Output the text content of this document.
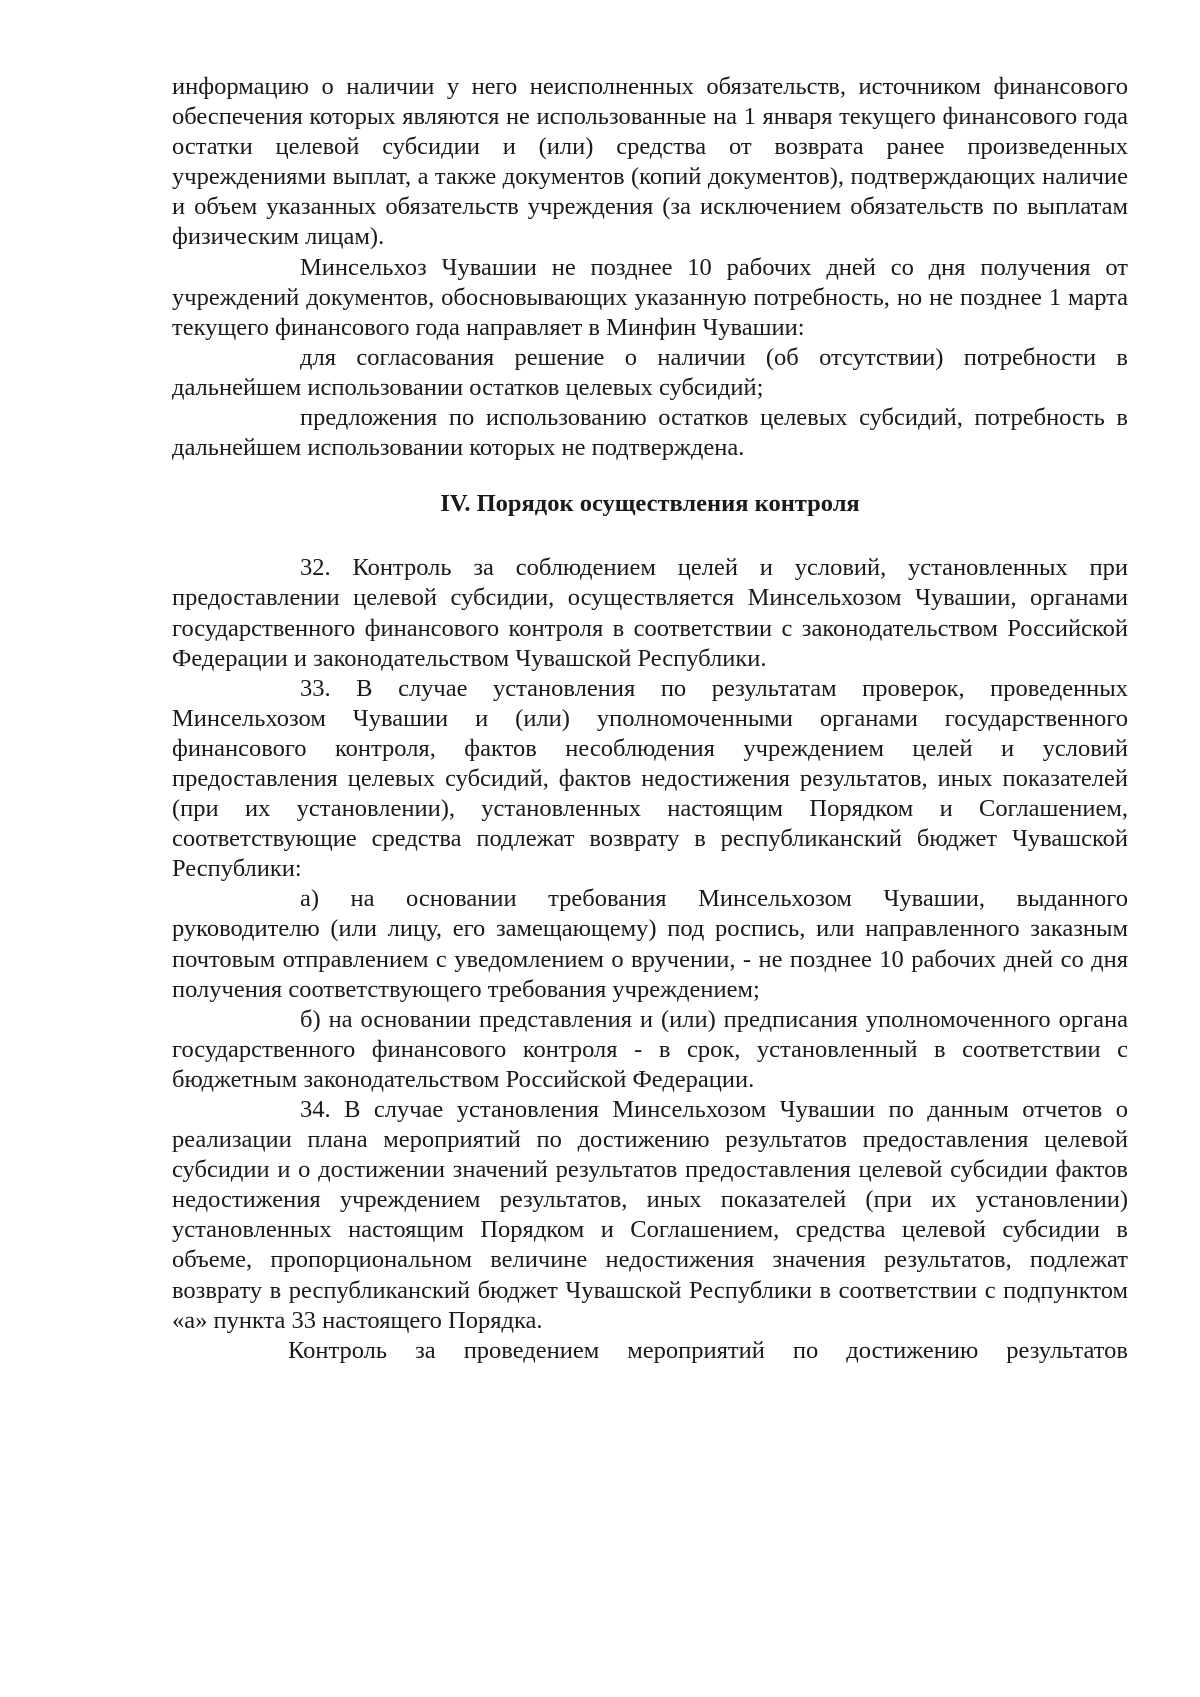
информацию о наличии у него неисполненных обязательств, источником финансового обеспечения которых являются не использованные на 1 января текущего финансового года остатки целевой субсидии и (или) средства от возврата ранее произведенных учреждениями выплат, а также документов (копий документов), подтверждающих наличие и объем указанных обязательств учреждения (за исключением обязательств по выплатам физическим лицам).

Минсельхоз Чувашии не позднее 10 рабочих дней со дня получения от учреждений документов, обосновывающих указанную потребность, но не позднее 1 марта текущего финансового года направляет в Минфин Чувашии:

для согласования решение о наличии (об отсутствии) потребности в дальнейшем использовании остатков целевых субсидий;

предложения по использованию остатков целевых субсидий, потребность в дальнейшем использовании которых не подтверждена.

IV. Порядок осуществления контроля

32. Контроль за соблюдением целей и условий, установленных при предоставлении целевой субсидии, осуществляется Минсельхозом Чувашии, органами государственного финансового контроля в соответствии с законодательством Российской Федерации и законодательством Чувашской Республики.

33. В случае установления по результатам проверок, проведенных Минсельхозом Чувашии и (или) уполномоченными органами государственного финансового контроля, фактов несоблюдения учреждением целей и условий предоставления целевых субсидий, фактов недостижения результатов, иных показателей (при их установлении), установленных настоящим Порядком и Соглашением, соответствующие средства подлежат возврату в республиканский бюджет Чувашской Республики:

а) на основании требования Минсельхозом Чувашии, выданного руководителю (или лицу, его замещающему) под роспись, или направленного заказным почтовым отправлением с уведомлением о вручении, - не позднее 10 рабочих дней со дня получения соответствующего требования учреждением;

б) на основании представления и (или) предписания уполномоченного органа государственного финансового контроля - в срок, установленный в соответствии с бюджетным законодательством Российской Федерации.

34. В случае установления Минсельхозом Чувашии по данным отчетов о реализации плана мероприятий по достижению результатов предоставления целевой субсидии и о достижении значений результатов предоставления целевой субсидии фактов недостижения учреждением результатов, иных показателей (при их установлении) установленных настоящим Порядком и Соглашением, средства целевой субсидии в объеме, пропорциональном величине недостижения значения результатов, подлежат возврату в республиканский бюджет Чувашской Республики в соответствии с подпунктом «а» пункта 33 настоящего Порядка.

Контроль за проведением мероприятий по достижению результатов
